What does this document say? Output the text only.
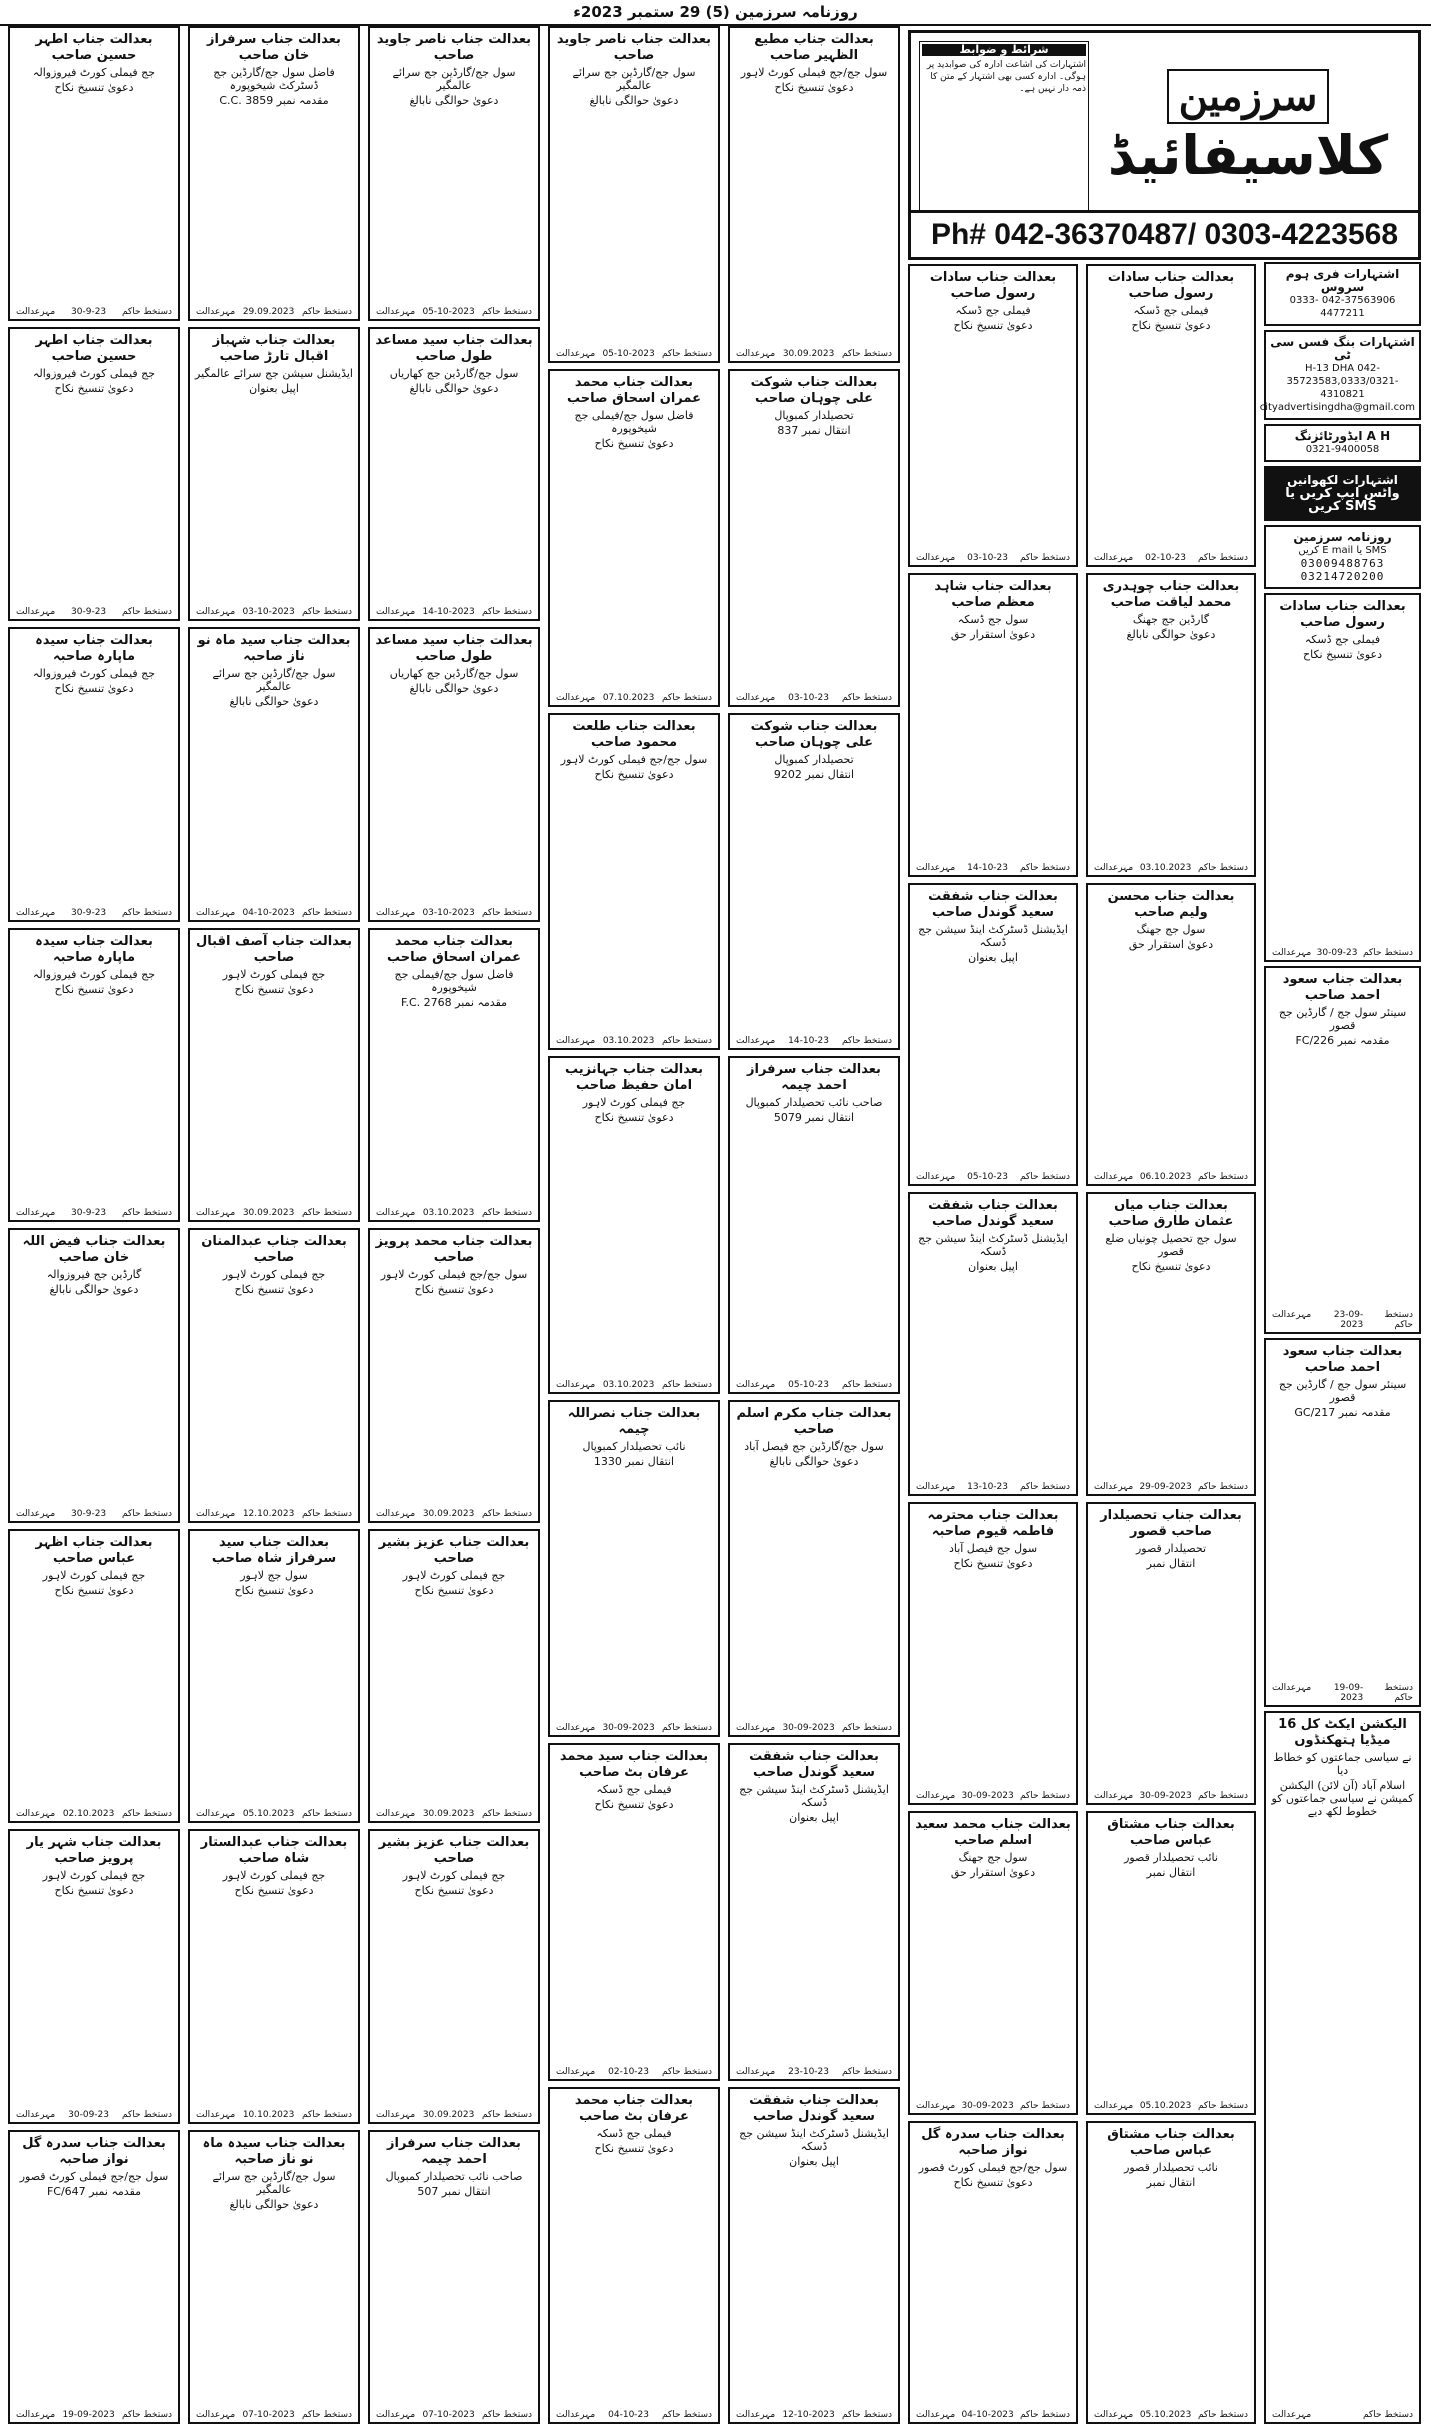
روزنامہ سرزمین (5) 29 ستمبر 2023ء
شرائط و ضوابط
اشتہارات کی اشاعت ادارہ کی صوابدید پر ہوگی۔ ادارہ کسی بھی اشتہار کے متن کا ذمہ دار نہیں ہے۔	سرزمین
کلاسیفائیڈ
Ph# 042-36370487/ 0303-4223568
اشتہارات فری ہوم سروس
042-37563906 0333-4477211
اشتہارات بنگ فسں سی ٹی
H-13 DHA 042-35723583,0333/0321-4310821 cityadvertisingdha@gmail.com
A H ایڈورٹائزنگ
0321-9400058
اشتہارات لکھوانیں
واٹس ایپ کریں یا SMS کریں
روزنامہ سرزمین
SMS یا E mail کریں
03009488763 03214720200
بعدالت جناب سادات رسول صاحب
فیملی جج ڈسکہ
دعویٰ تنسیخ نکاح

دستخط حاکم
30-09-23
مہرعدالت
بعدالت جناب سعود احمد صاحب
سینئر سول جج / گارڈین جج قصور
مقدمہ نمبر 226/FC

دستخط حاکم
23-09-2023
مہرعدالت
بعدالت جناب سعود احمد صاحب
سینئر سول جج / گارڈین جج قصور
مقدمہ نمبر 217/GC

دستخط حاکم
19-09-2023
مہرعدالت
الیکشن ایکٹ کل 16 میڈیا ہتھکنڈوں
نے سیاسی جماعتوں کو خطاط دیا
اسلام آباد (آن لائن) الیکشن کمیشن نے سیاسی جماعتوں کو خطوط لکھ دیے

دستخط حاکم
مہرعدالت
بعدالت جناب اطہر حسین صاحب
جج فیملی کورٹ فیروزوالہ
دعویٰ تنسیخ نکاح

دستخط حاکم
30-9-23
مہرعدالت
بعدالت جناب اطہر حسین صاحب
جج فیملی کورٹ فیروزوالہ
دعویٰ تنسیخ نکاح

دستخط حاکم
30-9-23
مہرعدالت
بعدالت جناب سیدہ ماپارہ صاحبہ
جج فیملی کورٹ فیروزوالہ
دعویٰ تنسیخ نکاح

دستخط حاکم
30-9-23
مہرعدالت
بعدالت جناب سیدہ ماپارہ صاحبہ
جج فیملی کورٹ فیروزوالہ
دعویٰ تنسیخ نکاح

دستخط حاکم
30-9-23
مہرعدالت
بعدالت جناب فیض اللہ خان صاحب
گارڈین جج فیروزوالہ
دعویٰ حوالگی نابالغ

دستخط حاکم
30-9-23
مہرعدالت
بعدالت جناب اظہر عباس صاحب
جج فیملی کورٹ لاہور
دعویٰ تنسیخ نکاح

دستخط حاکم
02.10.2023
مہرعدالت
بعدالت جناب شہر یار پرویز صاحب
جج فیملی کورٹ لاہور
دعویٰ تنسیخ نکاح

دستخط حاکم
30-09-23
مہرعدالت
بعدالت جناب سدرہ گل نواز صاحبہ
سول جج/جج فیملی کورٹ قصور
مقدمہ نمبر 647/FC

دستخط حاکم
19-09-2023
مہرعدالت
بعدالت جناب سرفراز خان صاحب
فاضل سول جج/گارڈین جج ڈسٹرکٹ شیخوپورہ
مقدمہ نمبر C.C. 3859

دستخط حاکم
29.09.2023
مہرعدالت
بعدالت جناب شہباز اقبال تارڑ صاحب
ایڈیشنل سیشن جج سرائے عالمگیر
اپیل بعنوان

دستخط حاکم
03-10-2023
مہرعدالت
بعدالت جناب سید ماہ نو ناز صاحبہ
سول جج/گارڈین جج سرائے عالمگیر
دعویٰ حوالگی نابالغ

دستخط حاکم
04-10-2023
مہرعدالت
بعدالت جناب آصف اقبال صاحب
جج فیملی کورٹ لاہور
دعویٰ تنسیخ نکاح

دستخط حاکم
30.09.2023
مہرعدالت
بعدالت جناب عبدالمنان صاحب
جج فیملی کورٹ لاہور
دعویٰ تنسیخ نکاح

دستخط حاکم
12.10.2023
مہرعدالت
بعدالت جناب سید سرفراز شاہ صاحب
سول جج لاہور
دعویٰ تنسیخ نکاح

دستخط حاکم
05.10.2023
مہرعدالت
بعدالت جناب عبدالستار شاہ صاحب
جج فیملی کورٹ لاہور
دعویٰ تنسیخ نکاح

دستخط حاکم
10.10.2023
مہرعدالت
بعدالت جناب سیدہ ماہ نو ناز صاحبہ
سول جج/گارڈین جج سرائے عالمگیر
دعویٰ حوالگی نابالغ

دستخط حاکم
07-10-2023
مہرعدالت
بعدالت جناب ناصر جاوید صاحب
سول جج/گارڈین جج سرائے عالمگیر
دعویٰ حوالگی نابالغ

دستخط حاکم
05-10-2023
مہرعدالت
بعدالت جناب سید مساعد طول صاحب
سول جج/گارڈین جج کھاریاں
دعویٰ حوالگی نابالغ

دستخط حاکم
14-10-2023
مہرعدالت
بعدالت جناب سید مساعد طول صاحب
سول جج/گارڈین جج کھاریاں
دعویٰ حوالگی نابالغ

دستخط حاکم
03-10-2023
مہرعدالت
بعدالت جناب محمد عمران اسحاق صاحب
فاضل سول جج/فیملی جج شیخوپورہ
مقدمہ نمبر F.C. 2768

دستخط حاکم
03.10.2023
مہرعدالت
بعدالت جناب محمد پرویز صاحب
سول جج/جج فیملی کورٹ لاہور
دعویٰ تنسیخ نکاح

دستخط حاکم
30.09.2023
مہرعدالت
بعدالت جناب عزیز بشیر صاحب
جج فیملی کورٹ لاہور
دعویٰ تنسیخ نکاح

دستخط حاکم
30.09.2023
مہرعدالت
بعدالت جناب عزیز بشیر صاحب
جج فیملی کورٹ لاہور
دعویٰ تنسیخ نکاح

دستخط حاکم
30.09.2023
مہرعدالت
بعدالت جناب سرفراز احمد چیمہ
صاحب نائب تحصیلدار کمبوپال
انتقال نمبر 507

دستخط حاکم
07-10-2023
مہرعدالت
بعدالت جناب ناصر جاوید صاحب
سول جج/گارڈین جج سرائے عالمگیر
دعویٰ حوالگی نابالغ

دستخط حاکم
05-10-2023
مہرعدالت
بعدالت جناب محمد عمران اسحاق صاحب
فاضل سول جج/فیملی جج شیخوپورہ
دعویٰ تنسیخ نکاح

دستخط حاکم
07.10.2023
مہرعدالت
بعدالت جناب طلعت محمود صاحب
سول جج/جج فیملی کورٹ لاہور
دعویٰ تنسیخ نکاح

دستخط حاکم
03.10.2023
مہرعدالت
بعدالت جناب جہانزیب امان حفیظ صاحب
جج فیملی کورٹ لاہور
دعویٰ تنسیخ نکاح

دستخط حاکم
03.10.2023
مہرعدالت
بعدالت جناب نصراللہ چیمہ
نائب تحصیلدار کمبوپال
انتقال نمبر 1330

دستخط حاکم
30-09-2023
مہرعدالت
بعدالت جناب سید محمد عرفان بٹ صاحب
فیملی جج ڈسکہ
دعویٰ تنسیخ نکاح

دستخط حاکم
02-10-23
مہرعدالت
بعدالت جناب محمد عرفان بٹ صاحب
فیملی جج ڈسکہ
دعویٰ تنسیخ نکاح

دستخط حاکم
04-10-23
مہرعدالت
بعدالت جناب مطیع الظہیر صاحب
سول جج/جج فیملی کورٹ لاہور
دعویٰ تنسیخ نکاح

دستخط حاکم
30.09.2023
مہرعدالت
بعدالت جناب شوکت علی چوہان صاحب
تحصیلدار کمبوپال
انتقال نمبر 837

دستخط حاکم
03-10-23
مہرعدالت
بعدالت جناب شوکت علی چوہان صاحب
تحصیلدار کمبوپال
انتقال نمبر 9202

دستخط حاکم
14-10-23
مہرعدالت
بعدالت جناب سرفراز احمد چیمہ
صاحب نائب تحصیلدار کمبوپال
انتقال نمبر 5079

دستخط حاکم
05-10-23
مہرعدالت
بعدالت جناب مکرم اسلم صاحب
سول جج/گارڈین جج فیصل آباد
دعویٰ حوالگی نابالغ

دستخط حاکم
30-09-2023
مہرعدالت
بعدالت جناب شفقت سعید گوندل صاحب
ایڈیشنل ڈسٹرکٹ اینڈ سیشن جج ڈسکہ
اپیل بعنوان

دستخط حاکم
23-10-23
مہرعدالت
بعدالت جناب شفقت سعید گوندل صاحب
ایڈیشنل ڈسٹرکٹ اینڈ سیشن جج ڈسکہ
اپیل بعنوان

دستخط حاکم
12-10-2023
مہرعدالت
بعدالت جناب سادات رسول صاحب
فیملی جج ڈسکہ
دعویٰ تنسیخ نکاح

دستخط حاکم
03-10-23
مہرعدالت
بعدالت جناب شاہد معظم صاحب
سول جج ڈسکہ
دعویٰ استقرار حق

دستخط حاکم
14-10-23
مہرعدالت
بعدالت جناب شفقت سعید گوندل صاحب
ایڈیشنل ڈسٹرکٹ اینڈ سیشن جج ڈسکہ
اپیل بعنوان

دستخط حاکم
05-10-23
مہرعدالت
بعدالت جناب شفقت سعید گوندل صاحب
ایڈیشنل ڈسٹرکٹ اینڈ سیشن جج ڈسکہ
اپیل بعنوان

دستخط حاکم
13-10-23
مہرعدالت
بعدالت جناب محترمہ فاطمہ قیوم صاحبہ
سول جج فیصل آباد
دعویٰ تنسیخ نکاح

دستخط حاکم
30-09-2023
مہرعدالت
بعدالت جناب محمد سعید اسلم صاحب
سول جج جھنگ
دعویٰ استقرار حق

دستخط حاکم
30-09-2023
مہرعدالت
بعدالت جناب سدرہ گل نواز صاحبہ
سول جج/جج فیملی کورٹ قصور
دعویٰ تنسیخ نکاح

دستخط حاکم
04-10-2023
مہرعدالت
بعدالت جناب سادات رسول صاحب
فیملی جج ڈسکہ
دعویٰ تنسیخ نکاح

دستخط حاکم
02-10-23
مہرعدالت
بعدالت جناب چوہدری محمد لیاقت صاحب
گارڈین جج جھنگ
دعویٰ حوالگی نابالغ

دستخط حاکم
03.10.2023
مہرعدالت
بعدالت جناب محسن ولیم صاحب
سول جج جھنگ
دعویٰ استقرار حق

دستخط حاکم
06.10.2023
مہرعدالت
بعدالت جناب میاں عثمان طارق صاحب
سول جج تحصیل چونیاں ضلع قصور
دعویٰ تنسیخ نکاح

دستخط حاکم
29-09-2023
مہرعدالت
بعدالت جناب تحصیلدار صاحب قصور
تحصیلدار قصور
انتقال نمبر

دستخط حاکم
30-09-2023
مہرعدالت
بعدالت جناب مشتاق عباس صاحب
نائب تحصیلدار قصور
انتقال نمبر

دستخط حاکم
05.10.2023
مہرعدالت
بعدالت جناب مشتاق عباس صاحب
نائب تحصیلدار قصور
انتقال نمبر

دستخط حاکم
05.10.2023
مہرعدالت
